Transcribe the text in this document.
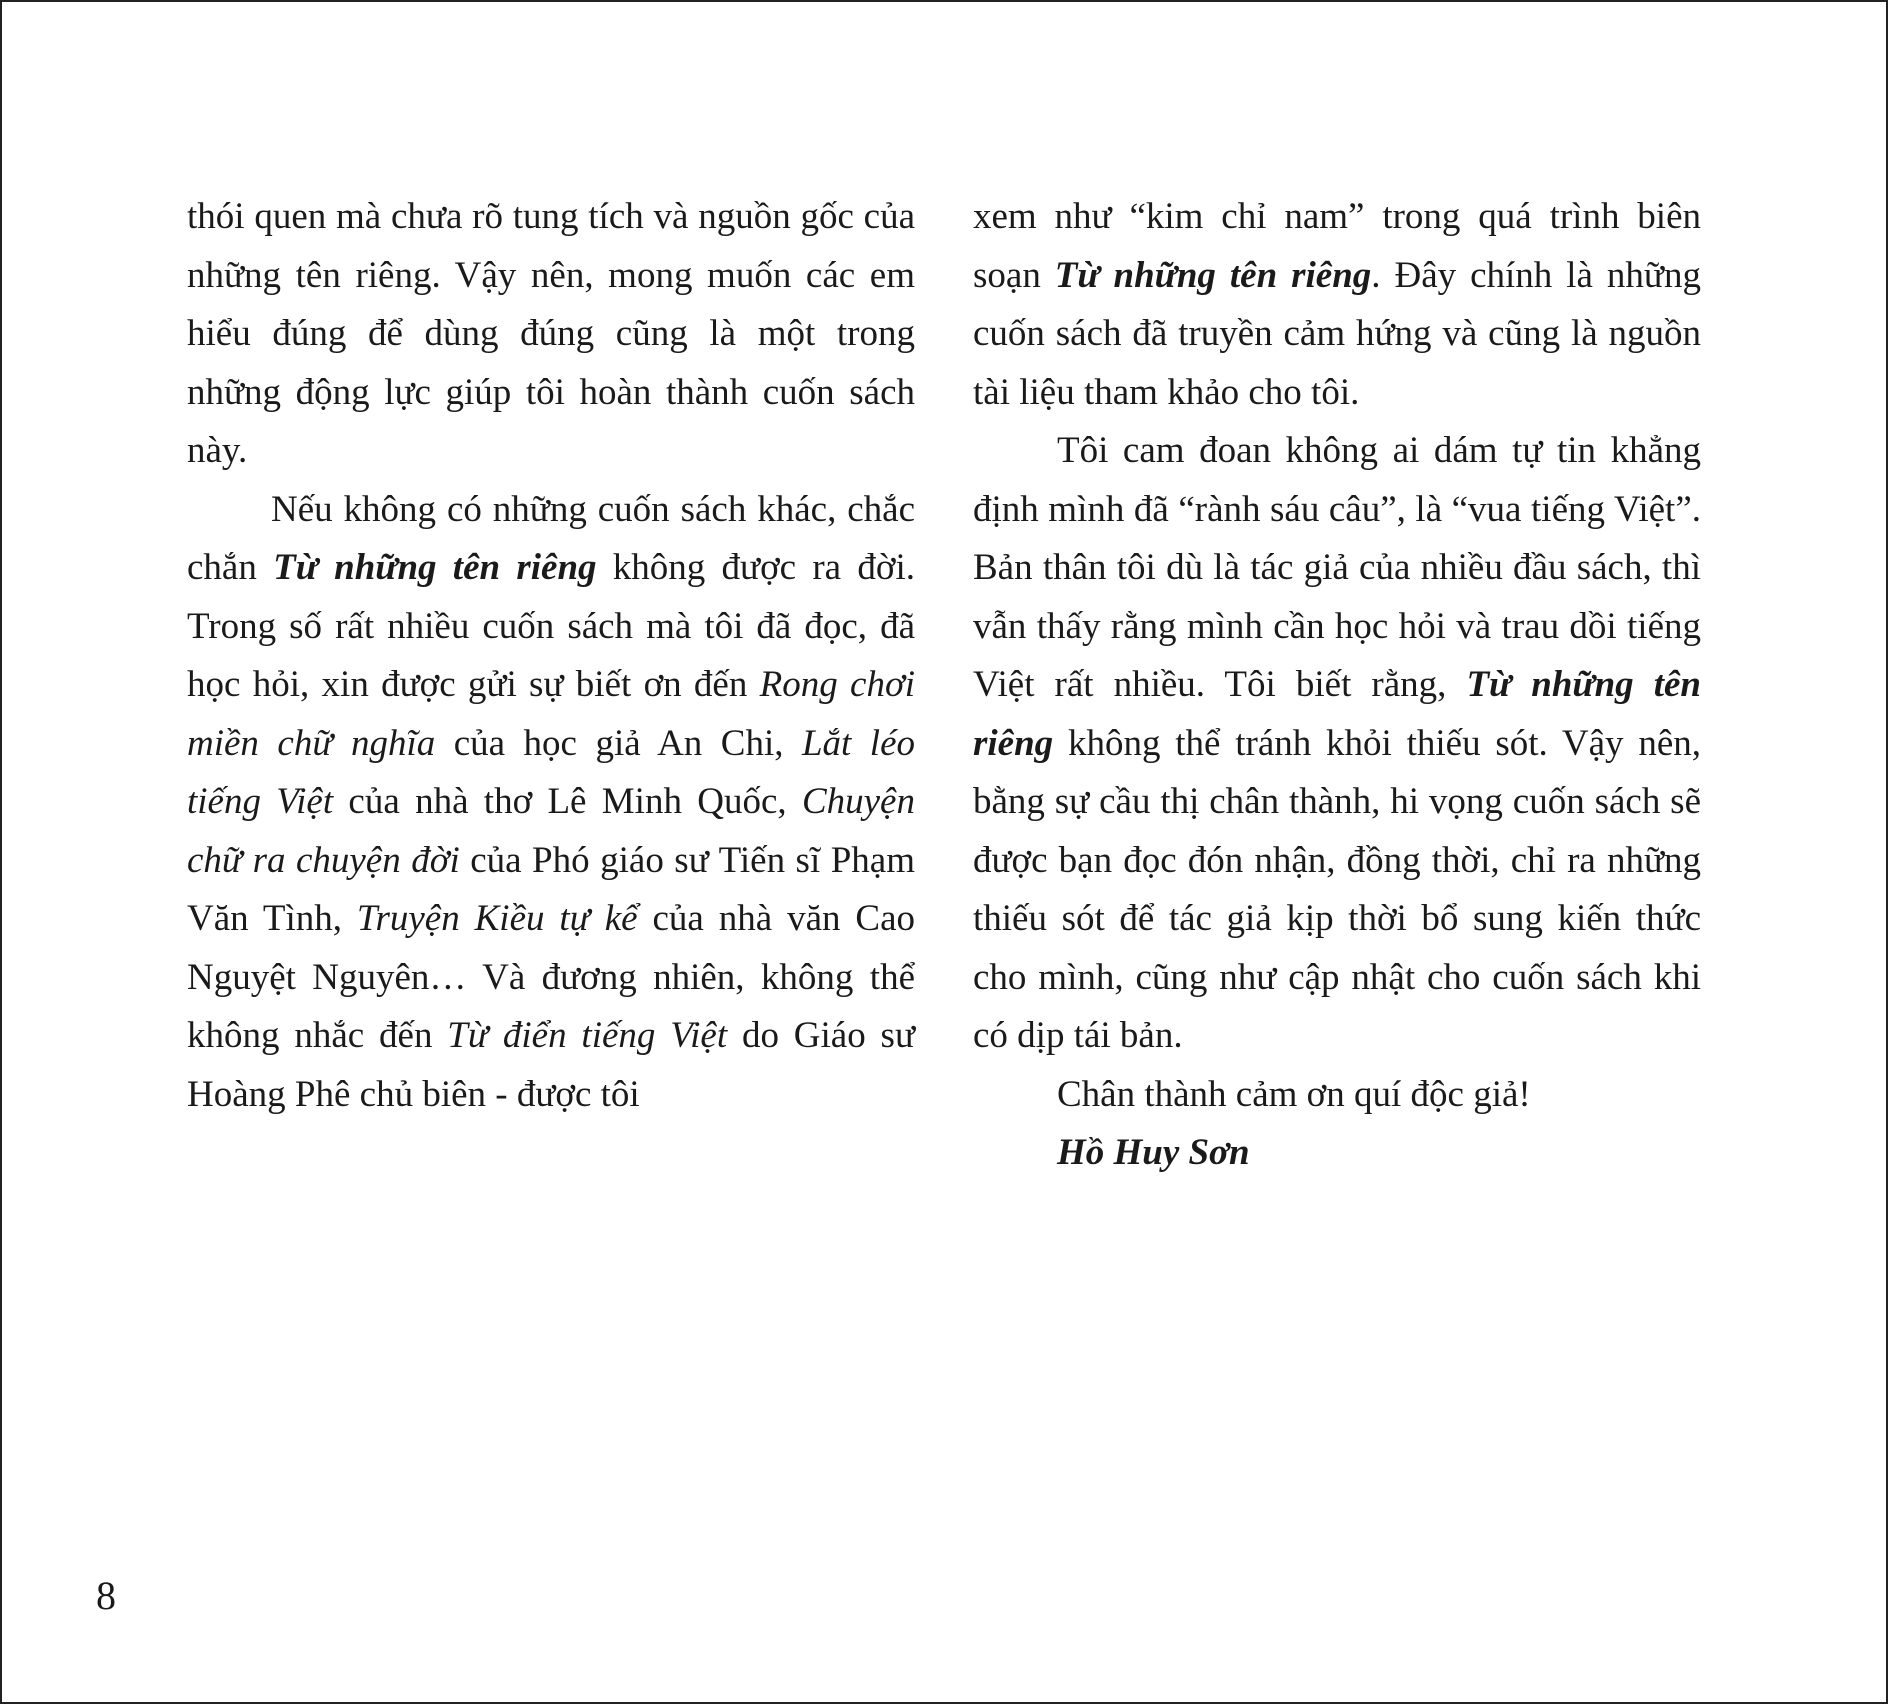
thói quen mà chưa rõ tung tích và nguồn gốc của những tên riêng. Vậy nên, mong muốn các em hiểu đúng để dùng đúng cũng là một trong những động lực giúp tôi hoàn thành cuốn sách này.

Nếu không có những cuốn sách khác, chắc chắn Từ những tên riêng không được ra đời. Trong số rất nhiều cuốn sách mà tôi đã đọc, đã học hỏi, xin được gửi sự biết ơn đến Rong chơi miền chữ nghĩa của học giả An Chi, Lắt léo tiếng Việt của nhà thơ Lê Minh Quốc, Chuyện chữ ra chuyện đời của Phó giáo sư Tiến sĩ Phạm Văn Tình, Truyện Kiều tự kể của nhà văn Cao Nguyệt Nguyên… Và đương nhiên, không thể không nhắc đến Từ điển tiếng Việt do Giáo sư Hoàng Phê chủ biên - được tôi

xem như “kim chỉ nam” trong quá trình biên soạn Từ những tên riêng. Đây chính là những cuốn sách đã truyền cảm hứng và cũng là nguồn tài liệu tham khảo cho tôi.

Tôi cam đoan không ai dám tự tin khẳng định mình đã “rành sáu câu”, là “vua tiếng Việt”. Bản thân tôi dù là tác giả của nhiều đầu sách, thì vẫn thấy rằng mình cần học hỏi và trau dồi tiếng Việt rất nhiều. Tôi biết rằng, Từ những tên riêng không thể tránh khỏi thiếu sót. Vậy nên, bằng sự cầu thị chân thành, hi vọng cuốn sách sẽ được bạn đọc đón nhận, đồng thời, chỉ ra những thiếu sót để tác giả kịp thời bổ sung kiến thức cho mình, cũng như cập nhật cho cuốn sách khi có dịp tái bản.

Chân thành cảm ơn quí độc giả!

Hồ Huy Sơn

8
